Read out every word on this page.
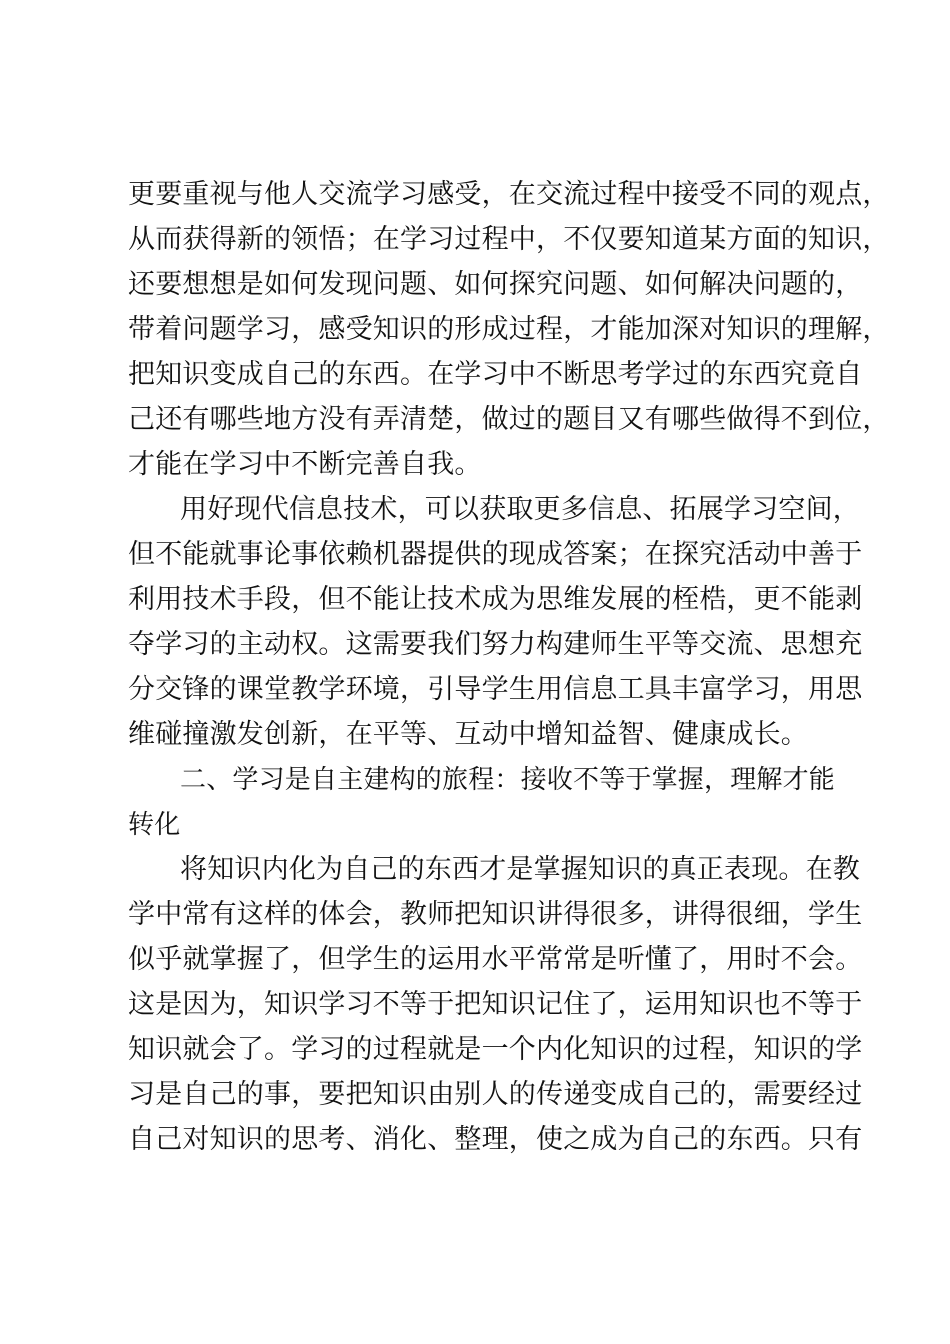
更要重视与他人交流学习感受，在交流过程中接受不同的观点，
从而获得新的领悟；在学习过程中，不仅要知道某方面的知识，
还要想想是如何发现问题、如何探究问题、如何解决问题的，
带着问题学习，感受知识的形成过程，才能加深对知识的理解，
把知识变成自己的东西。在学习中不断思考学过的东西究竟自
己还有哪些地方没有弄清楚，做过的题目又有哪些做得不到位，
才能在学习中不断完善自我。
用好现代信息技术，可以获取更多信息、拓展学习空间，
但不能就事论事依赖机器提供的现成答案；在探究活动中善于
利用技术手段，但不能让技术成为思维发展的桎梏，更不能剥
夺学习的主动权。这需要我们努力构建师生平等交流、思想充
分交锋的课堂教学环境，引导学生用信息工具丰富学习，用思
维碰撞激发创新，在平等、互动中增知益智、健康成长。
二、学习是自主建构的旅程：接收不等于掌握，理解才能
转化
将知识内化为自己的东西才是掌握知识的真正表现。在教
学中常有这样的体会，教师把知识讲得很多，讲得很细，学生
似乎就掌握了，但学生的运用水平常常是听懂了，用时不会。
这是因为，知识学习不等于把知识记住了，运用知识也不等于
知识就会了。学习的过程就是一个内化知识的过程，知识的学
习是自己的事，要把知识由别人的传递变成自己的，需要经过
自己对知识的思考、消化、整理，使之成为自己的东西。只有
